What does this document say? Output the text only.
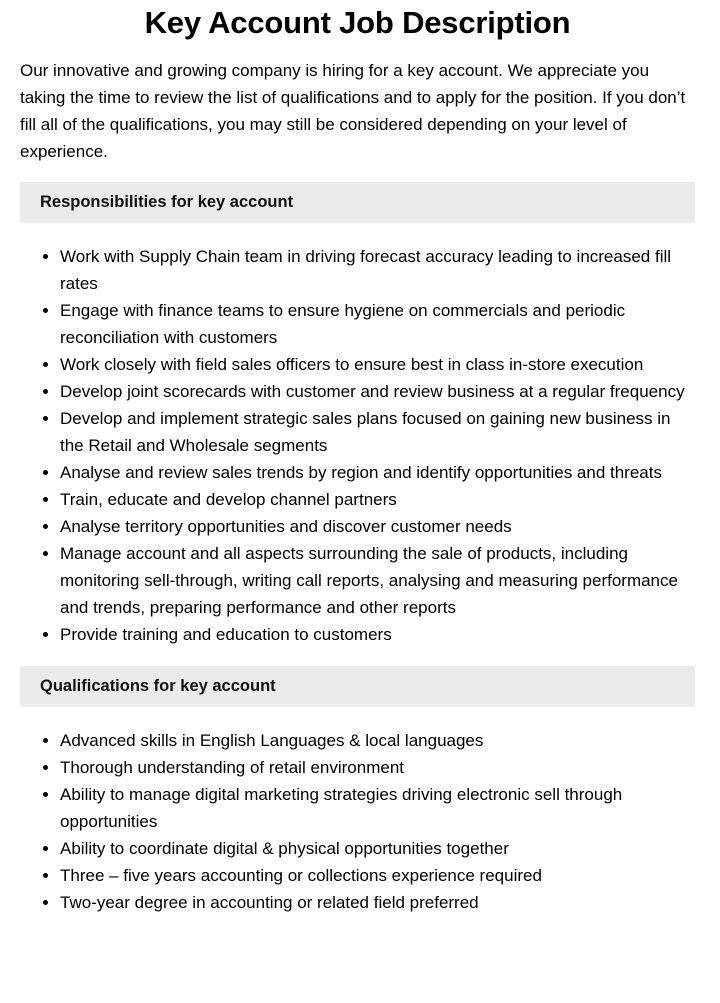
Key Account Job Description

Our innovative and growing company is hiring for a key account. We appreciate you taking the time to review the list of qualifications and to apply for the position. If you don’t fill all of the qualifications, you may still be considered depending on your level of experience.

Responsibilities for key account
• Work with Supply Chain team in driving forecast accuracy leading to increased fill rates
• Engage with finance teams to ensure hygiene on commercials and periodic reconciliation with customers
• Work closely with field sales officers to ensure best in class in-store execution
• Develop joint scorecards with customer and review business at a regular frequency
• Develop and implement strategic sales plans focused on gaining new business in the Retail and Wholesale segments
• Analyse and review sales trends by region and identify opportunities and threats
• Train, educate and develop channel partners
• Analyse territory opportunities and discover customer needs
• Manage account and all aspects surrounding the sale of products, including monitoring sell-through, writing call reports, analysing and measuring performance and trends, preparing performance and other reports
• Provide training and education to customers
Qualifications for key account
• Advanced skills in English Languages & local languages
• Thorough understanding of retail environment
• Ability to manage digital marketing strategies driving electronic sell through opportunities
• Ability to coordinate digital & physical opportunities together
• Three – five years accounting or collections experience required
• Two-year degree in accounting or related field preferred
